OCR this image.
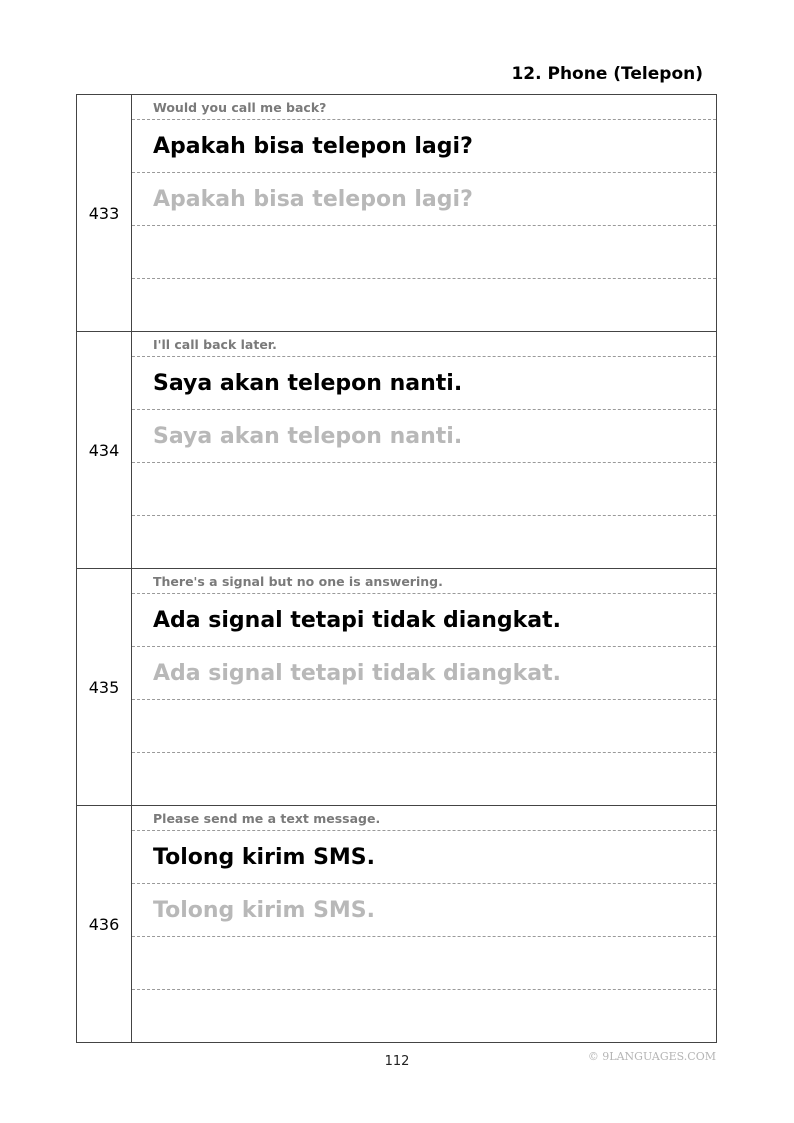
12. Phone (Telepon)
433
Would you call me back?
Apakah bisa telepon lagi?
Apakah bisa telepon lagi?
434
I'll call back later.
Saya akan telepon nanti.
Saya akan telepon nanti.
435
There's a signal but no one is answering.
Ada signal tetapi tidak diangkat.
Ada signal tetapi tidak diangkat.
436
Please send me a text message.
Tolong kirim SMS.
Tolong kirim SMS.
112	© 9LANGUAGES.COM
